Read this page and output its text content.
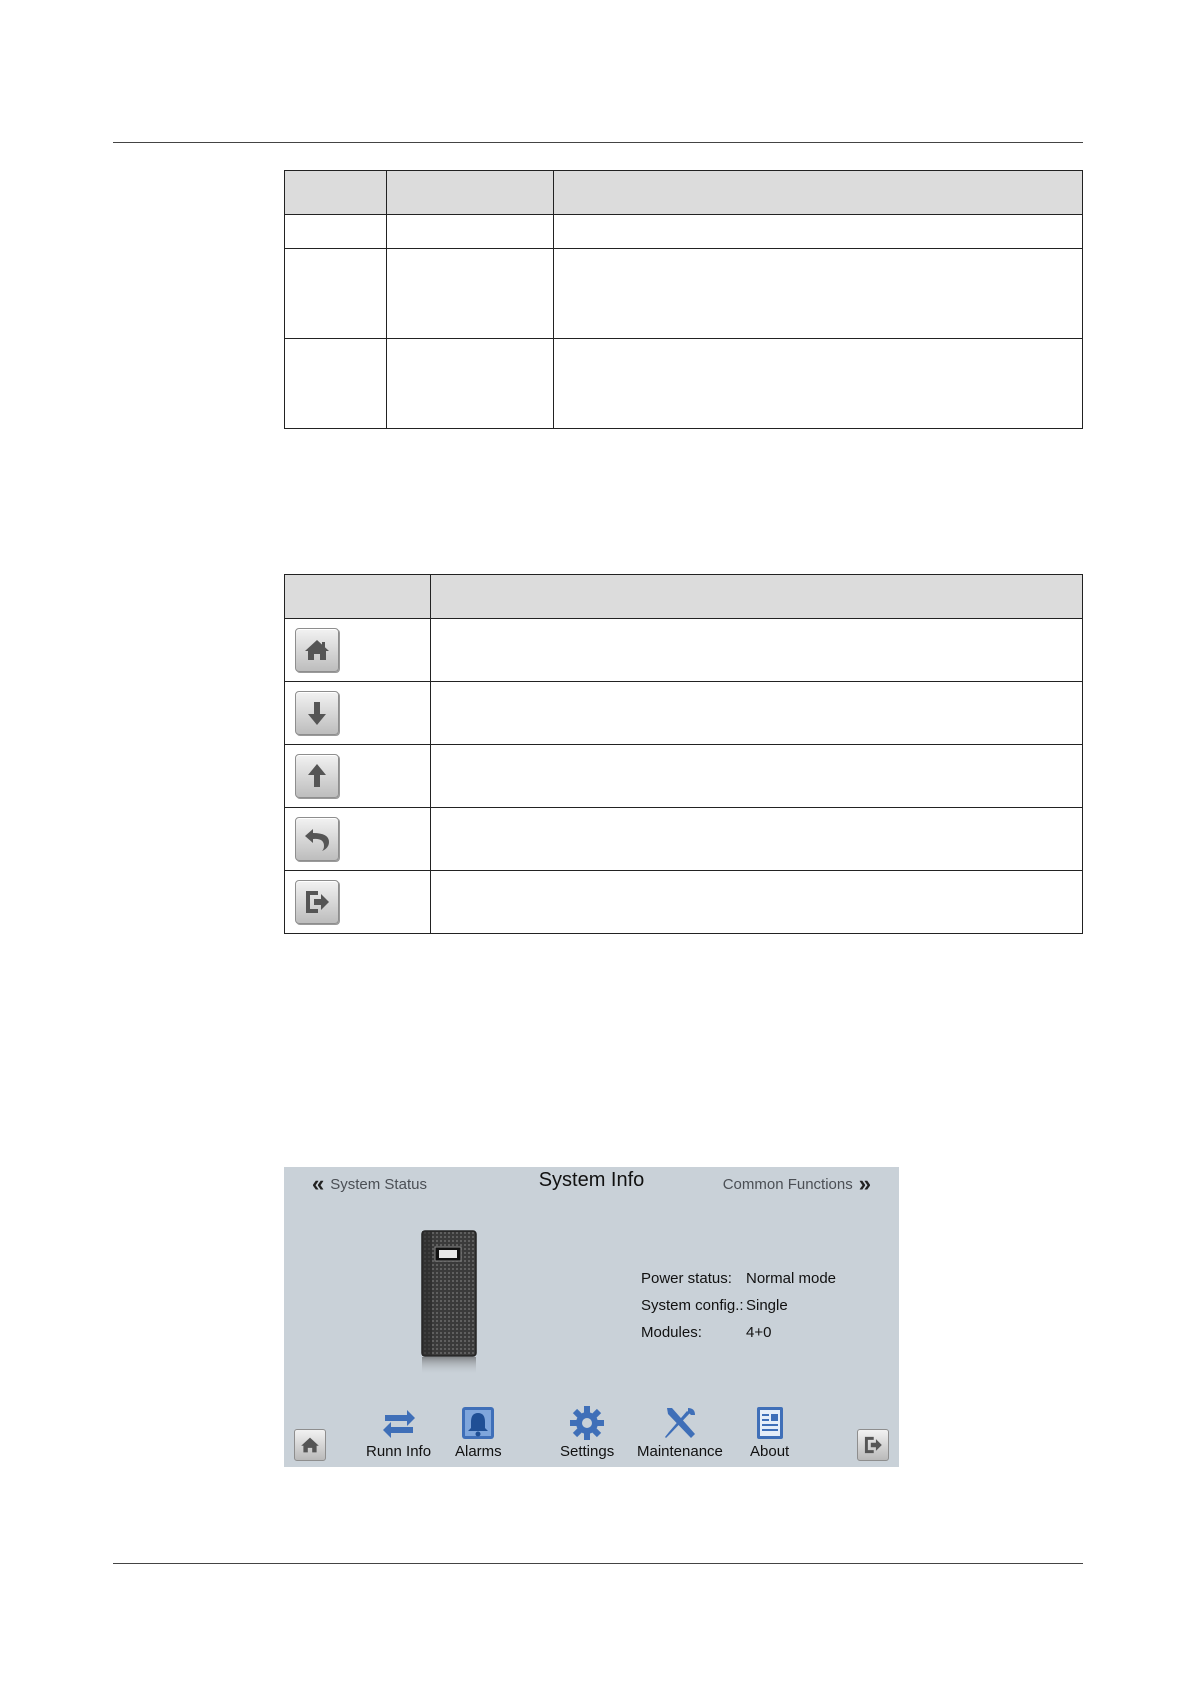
« System Status	System Info	Common Functions »
Power status: Normal mode
System config.: Single
Modules:	4+0
Runn Info Alarms	Settings Maintenance About
